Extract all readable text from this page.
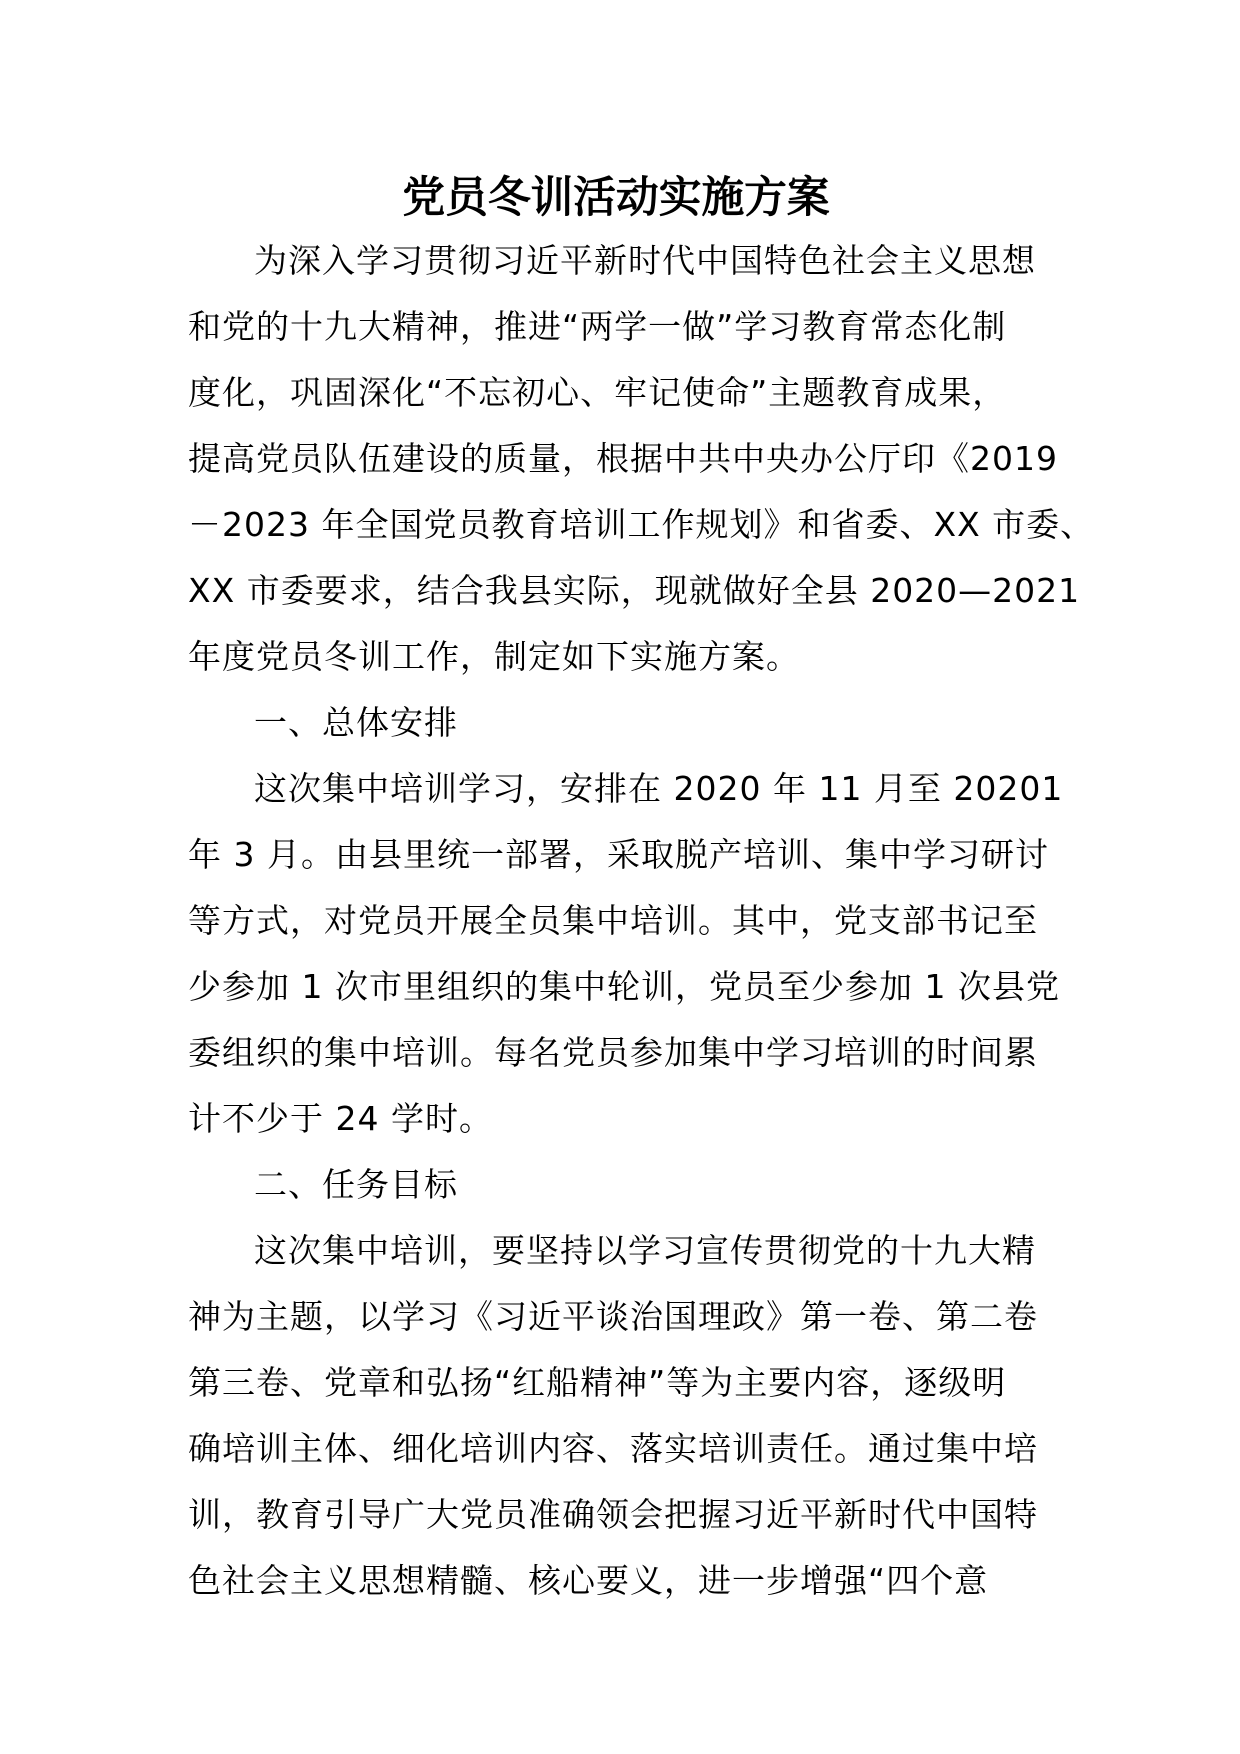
党员冬训活动实施方案
为深入学习贯彻习近平新时代中国特色社会主义思想
和党的十九大精神，推进“两学一做”学习教育常态化制
度化，巩固深化“不忘初心、牢记使命”主题教育成果，
提高党员队伍建设的质量，根据中共中央办公厅印《2019
－2023 年全国党员教育培训工作规划》和省委、XX 市委、
XX 市委要求，结合我县实际，现就做好全县 2020—2021
年度党员冬训工作，制定如下实施方案。
一、总体安排
这次集中培训学习，安排在 2020 年 11 月至 20201
年 3 月。由县里统一部署，采取脱产培训、集中学习研讨
等方式，对党员开展全员集中培训。其中，党支部书记至
少参加 1 次市里组织的集中轮训，党员至少参加 1 次县党
委组织的集中培训。每名党员参加集中学习培训的时间累
计不少于 24 学时。
二、任务目标
这次集中培训，要坚持以学习宣传贯彻党的十九大精
神为主题，以学习《习近平谈治国理政》第一卷、第二卷
第三卷、党章和弘扬“红船精神”等为主要内容，逐级明
确培训主体、细化培训内容、落实培训责任。通过集中培
训，教育引导广大党员准确领会把握习近平新时代中国特
色社会主义思想精髓、核心要义，进一步增强“四个意
